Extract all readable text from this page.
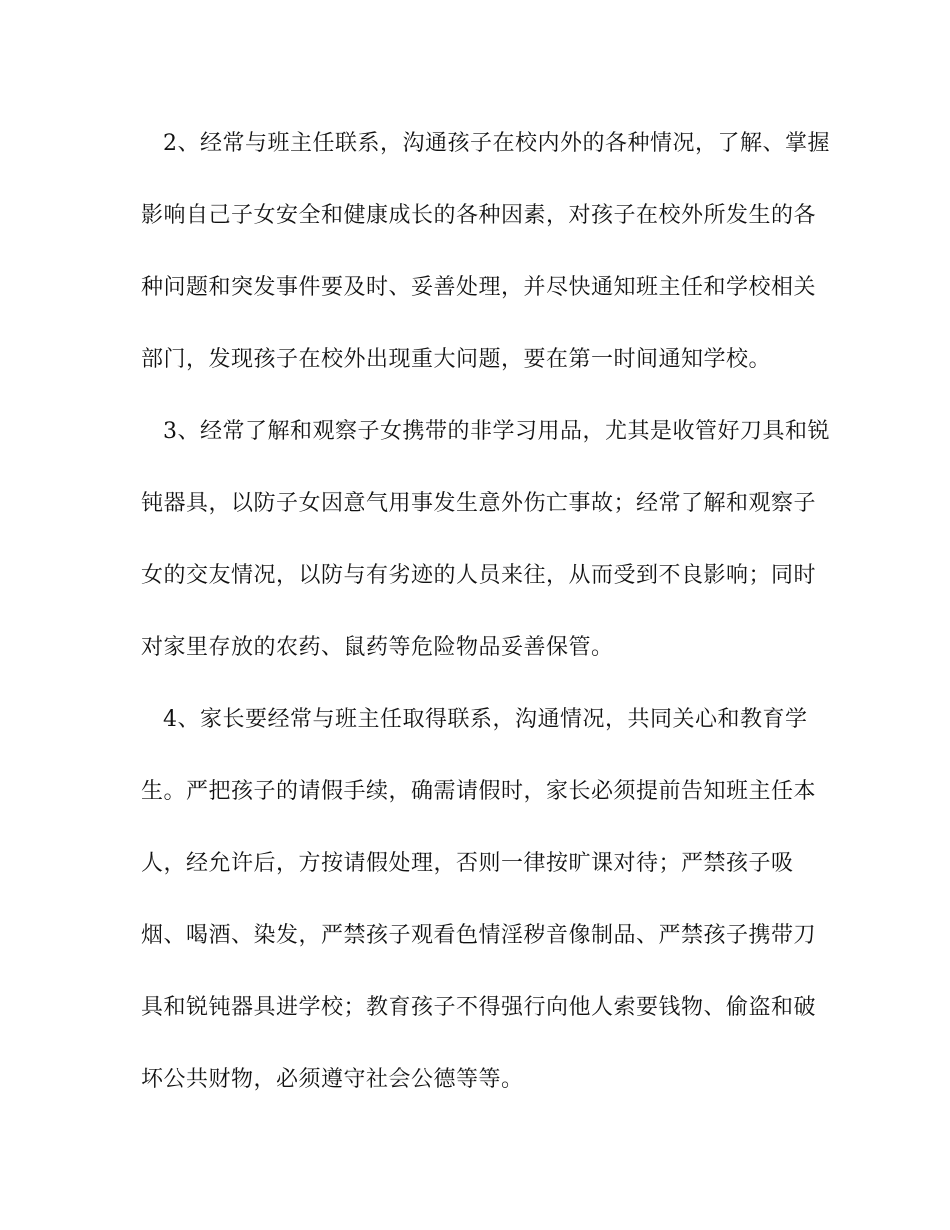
2、经常与班主任联系，沟通孩子在校内外的各种情况，了解、掌握
影响自己子女安全和健康成长的各种因素，对孩子在校外所发生的各
种问题和突发事件要及时、妥善处理，并尽快通知班主任和学校相关
部门，发现孩子在校外出现重大问题，要在第一时间通知学校。
3、经常了解和观察子女携带的非学习用品，尤其是收管好刀具和锐
钝器具，以防子女因意气用事发生意外伤亡事故；经常了解和观察子
女的交友情况，以防与有劣迹的人员来往，从而受到不良影响；同时
对家里存放的农药、鼠药等危险物品妥善保管。
4、家长要经常与班主任取得联系，沟通情况，共同关心和教育学
生。严把孩子的请假手续，确需请假时，家长必须提前告知班主任本
人，经允许后，方按请假处理，否则一律按旷课对待；严禁孩子吸
烟、喝酒、染发，严禁孩子观看色情淫秽音像制品、严禁孩子携带刀
具和锐钝器具进学校；教育孩子不得强行向他人索要钱物、偷盗和破
坏公共财物，必须遵守社会公德等等。
